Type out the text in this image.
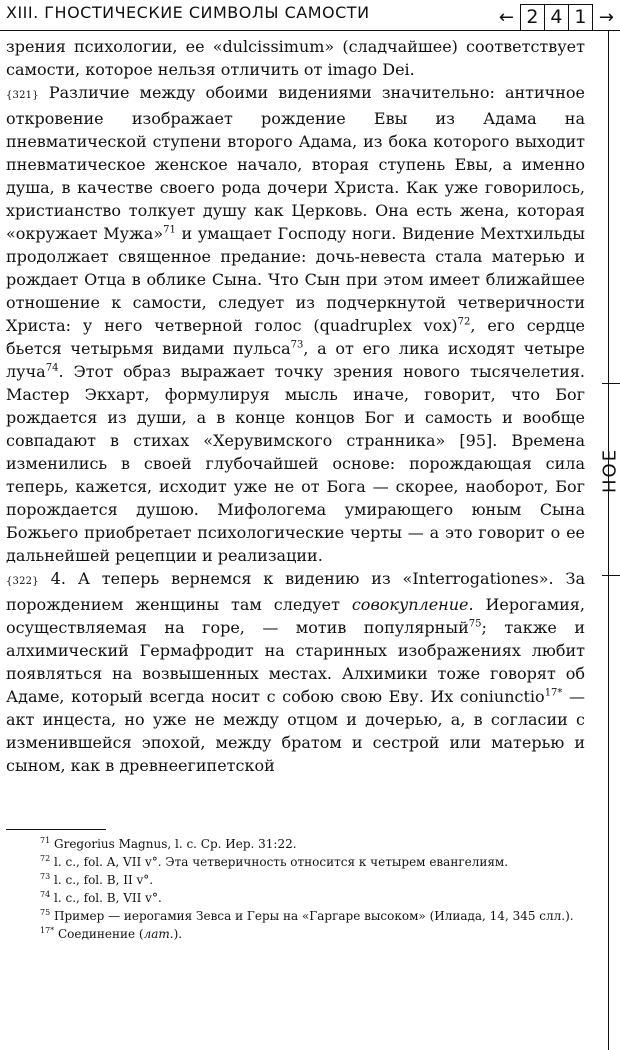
XIII. ГНОСТИЧЕСКИЕ СИМВОЛЫ САМОСТИ	← 2 4 1 →

зрения психологии, ее «dulcissimum» (сладчайшее) соответствует самости, которое нельзя отличить от imago Dei.

{321} Различие между обоими видениями значительно: античное откровение изображает рождение Евы из Адама на пневматической ступени второго Адама, из бока которого выходит пневматическое женское начало, вторая ступень Евы, а именно душа, в качестве своего рода дочери Христа. Как уже говорилось, христианство толкует душу как Церковь. Она есть жена, которая «окружает Мужа»$^{71}$ и умащает Господу ноги. Видение Мехтхильды продолжает священное предание: дочь-невеста стала матерью и рождает Отца в облике Сына. Что Сын при этом имеет ближайшее отношение к самости, следует из подчеркнутой четверичности Христа: у него четверной голос (quadruplex vox)$^{72}$, его сердце бьется четырьмя видами пульса$^{73}$, а от его лика исходят четыре луча$^{74}$. Этот образ выражает точку зрения нового тысячелетия. Мастер Экхарт, формулируя мысль иначе, говорит, что Бог рождается из души, а в конце концов Бог и самость и вообще совпадают в стихах «Херувимского странника» [95]. Времена изменились в своей глубочайшей основе: порождающая сила теперь, кажется, исходит уже не от Бога — скорее, наоборот, Бог порождается душою. Мифологема умирающего юным Сына Божьего приобретает психологические черты — а это говорит о ее дальнейшей рецепции и реализации.

{322} 4. А теперь вернемся к видению из «Interrogationes». За порождением женщины там следует совокупление. Иерогамия, осуществляемая на горе, — мотив популярный$^{75}$; также и алхимический Гермафродит на старинных изображениях любит появляться на возвышенных местах. Алхимики тоже говорят об Адаме, который всегда носит с собою свою Еву. Их coniunctio$^{17*}$ — акт инцеста, но уже не между отцом и дочерью, а, в согласии с изменившейся эпохой, между братом и сестрой или матерью и сыном, как в древнеегипетской

НОЕ

$^{71}$ Gregorius Magnus, l. c. Ср. Иер. 31:22.

$^{72}$ l. c., fol. A, VII v°. Эта четверичность относится к четырем евангелиям.

$^{73}$ l. c., fol. B, II v°.

$^{74}$ l. c., fol. B, VII v°.

$^{75}$ Пример — иерогамия Зевса и Геры на «Гаргаре высоком» (Илиада, 14, 345 слл.).

$^{17*}$ Соединение (лат.).
